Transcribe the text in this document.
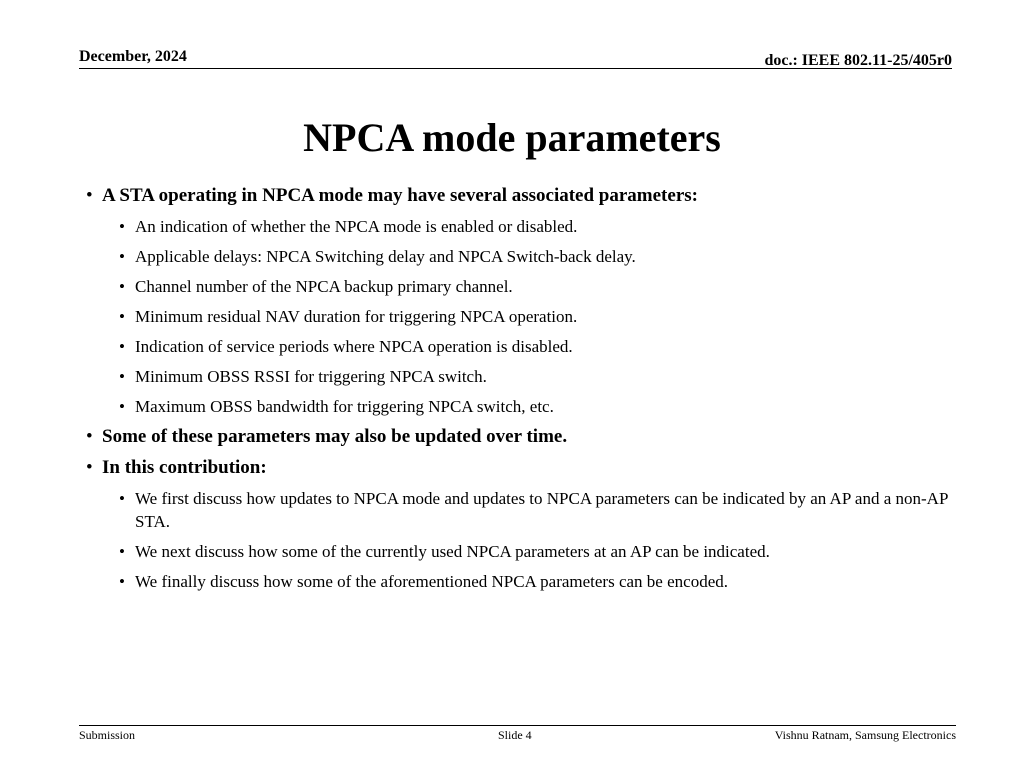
December, 2024	doc.: IEEE 802.11-25/405r0
NPCA mode parameters
• A STA operating in NPCA mode may have several associated parameters:
• An indication of whether the NPCA mode is enabled or disabled.
• Applicable delays: NPCA Switching delay and NPCA Switch-back delay.
• Channel number of the NPCA backup primary channel.
• Minimum residual NAV duration for triggering NPCA operation.
• Indication of service periods where NPCA operation is disabled.
• Minimum OBSS RSSI for triggering NPCA switch.
• Maximum OBSS bandwidth for triggering NPCA switch, etc.
• Some of these parameters may also be updated over time.
• In this contribution:
• We first discuss how updates to NPCA mode and updates to NPCA parameters can be indicated by an AP and a non-AP STA.
• We next discuss how some of the currently used NPCA parameters at an AP can be indicated.
• We finally discuss how some of the aforementioned NPCA parameters can be encoded.
Submission	Slide 4	Vishnu Ratnam, Samsung Electronics
